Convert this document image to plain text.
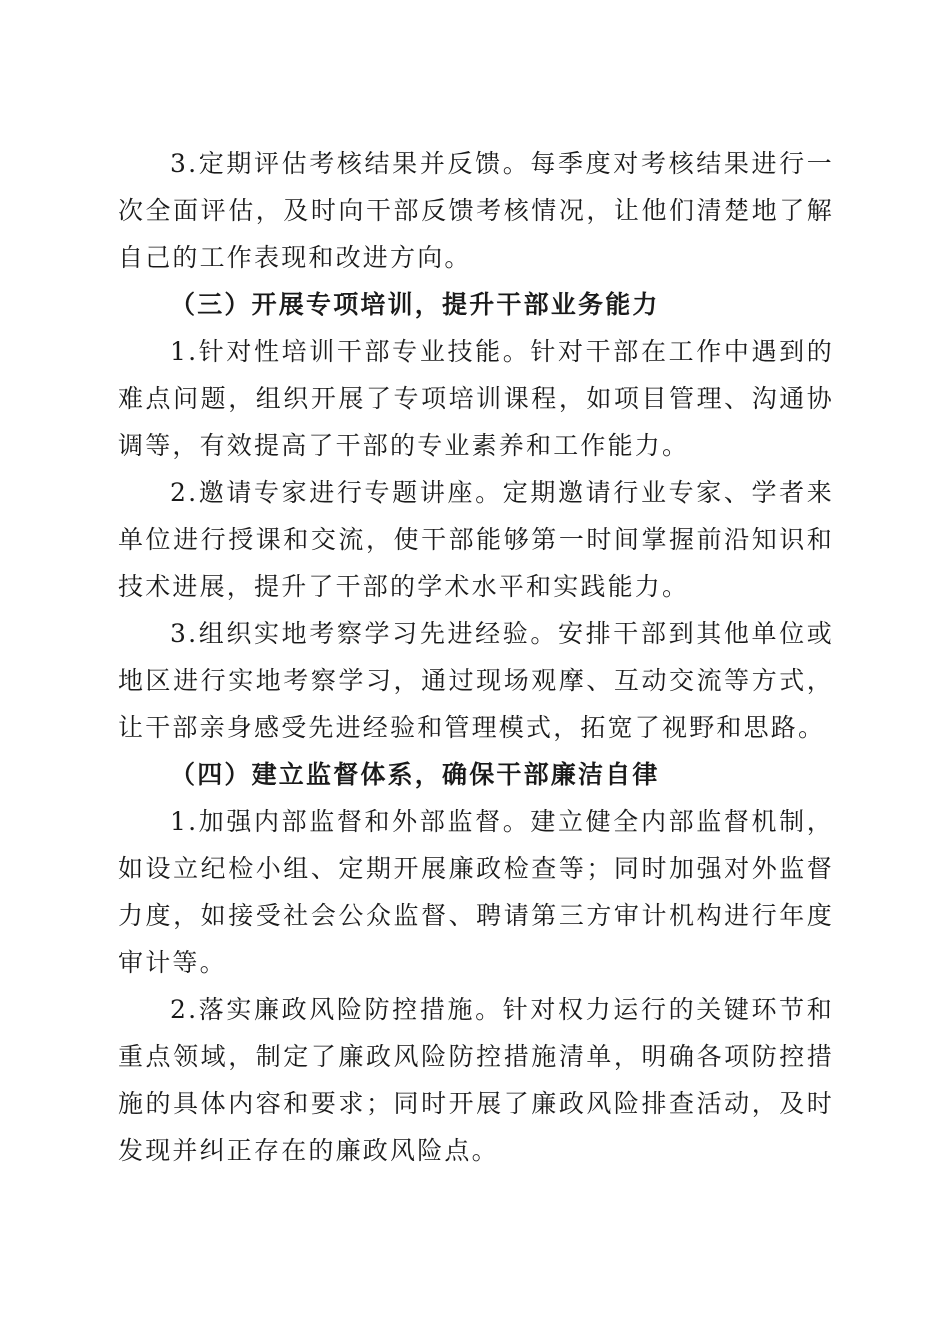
3.定期评估考核结果并反馈。每季度对考核结果进行一次全面评估，及时向干部反馈考核情况，让他们清楚地了解自己的工作表现和改进方向。

（三）开展专项培训，提升干部业务能力

1.针对性培训干部专业技能。针对干部在工作中遇到的难点问题，组织开展了专项培训课程，如项目管理、沟通协调等，有效提高了干部的专业素养和工作能力。

2.邀请专家进行专题讲座。定期邀请行业专家、学者来单位进行授课和交流，使干部能够第一时间掌握前沿知识和技术进展，提升了干部的学术水平和实践能力。

3.组织实地考察学习先进经验。安排干部到其他单位或地区进行实地考察学习，通过现场观摩、互动交流等方式，让干部亲身感受先进经验和管理模式，拓宽了视野和思路。

（四）建立监督体系，确保干部廉洁自律

1.加强内部监督和外部监督。建立健全内部监督机制，如设立纪检小组、定期开展廉政检查等；同时加强对外监督力度，如接受社会公众监督、聘请第三方审计机构进行年度审计等。

2.落实廉政风险防控措施。针对权力运行的关键环节和重点领域，制定了廉政风险防控措施清单，明确各项防控措施的具体内容和要求；同时开展了廉政风险排查活动，及时发现并纠正存在的廉政风险点。
